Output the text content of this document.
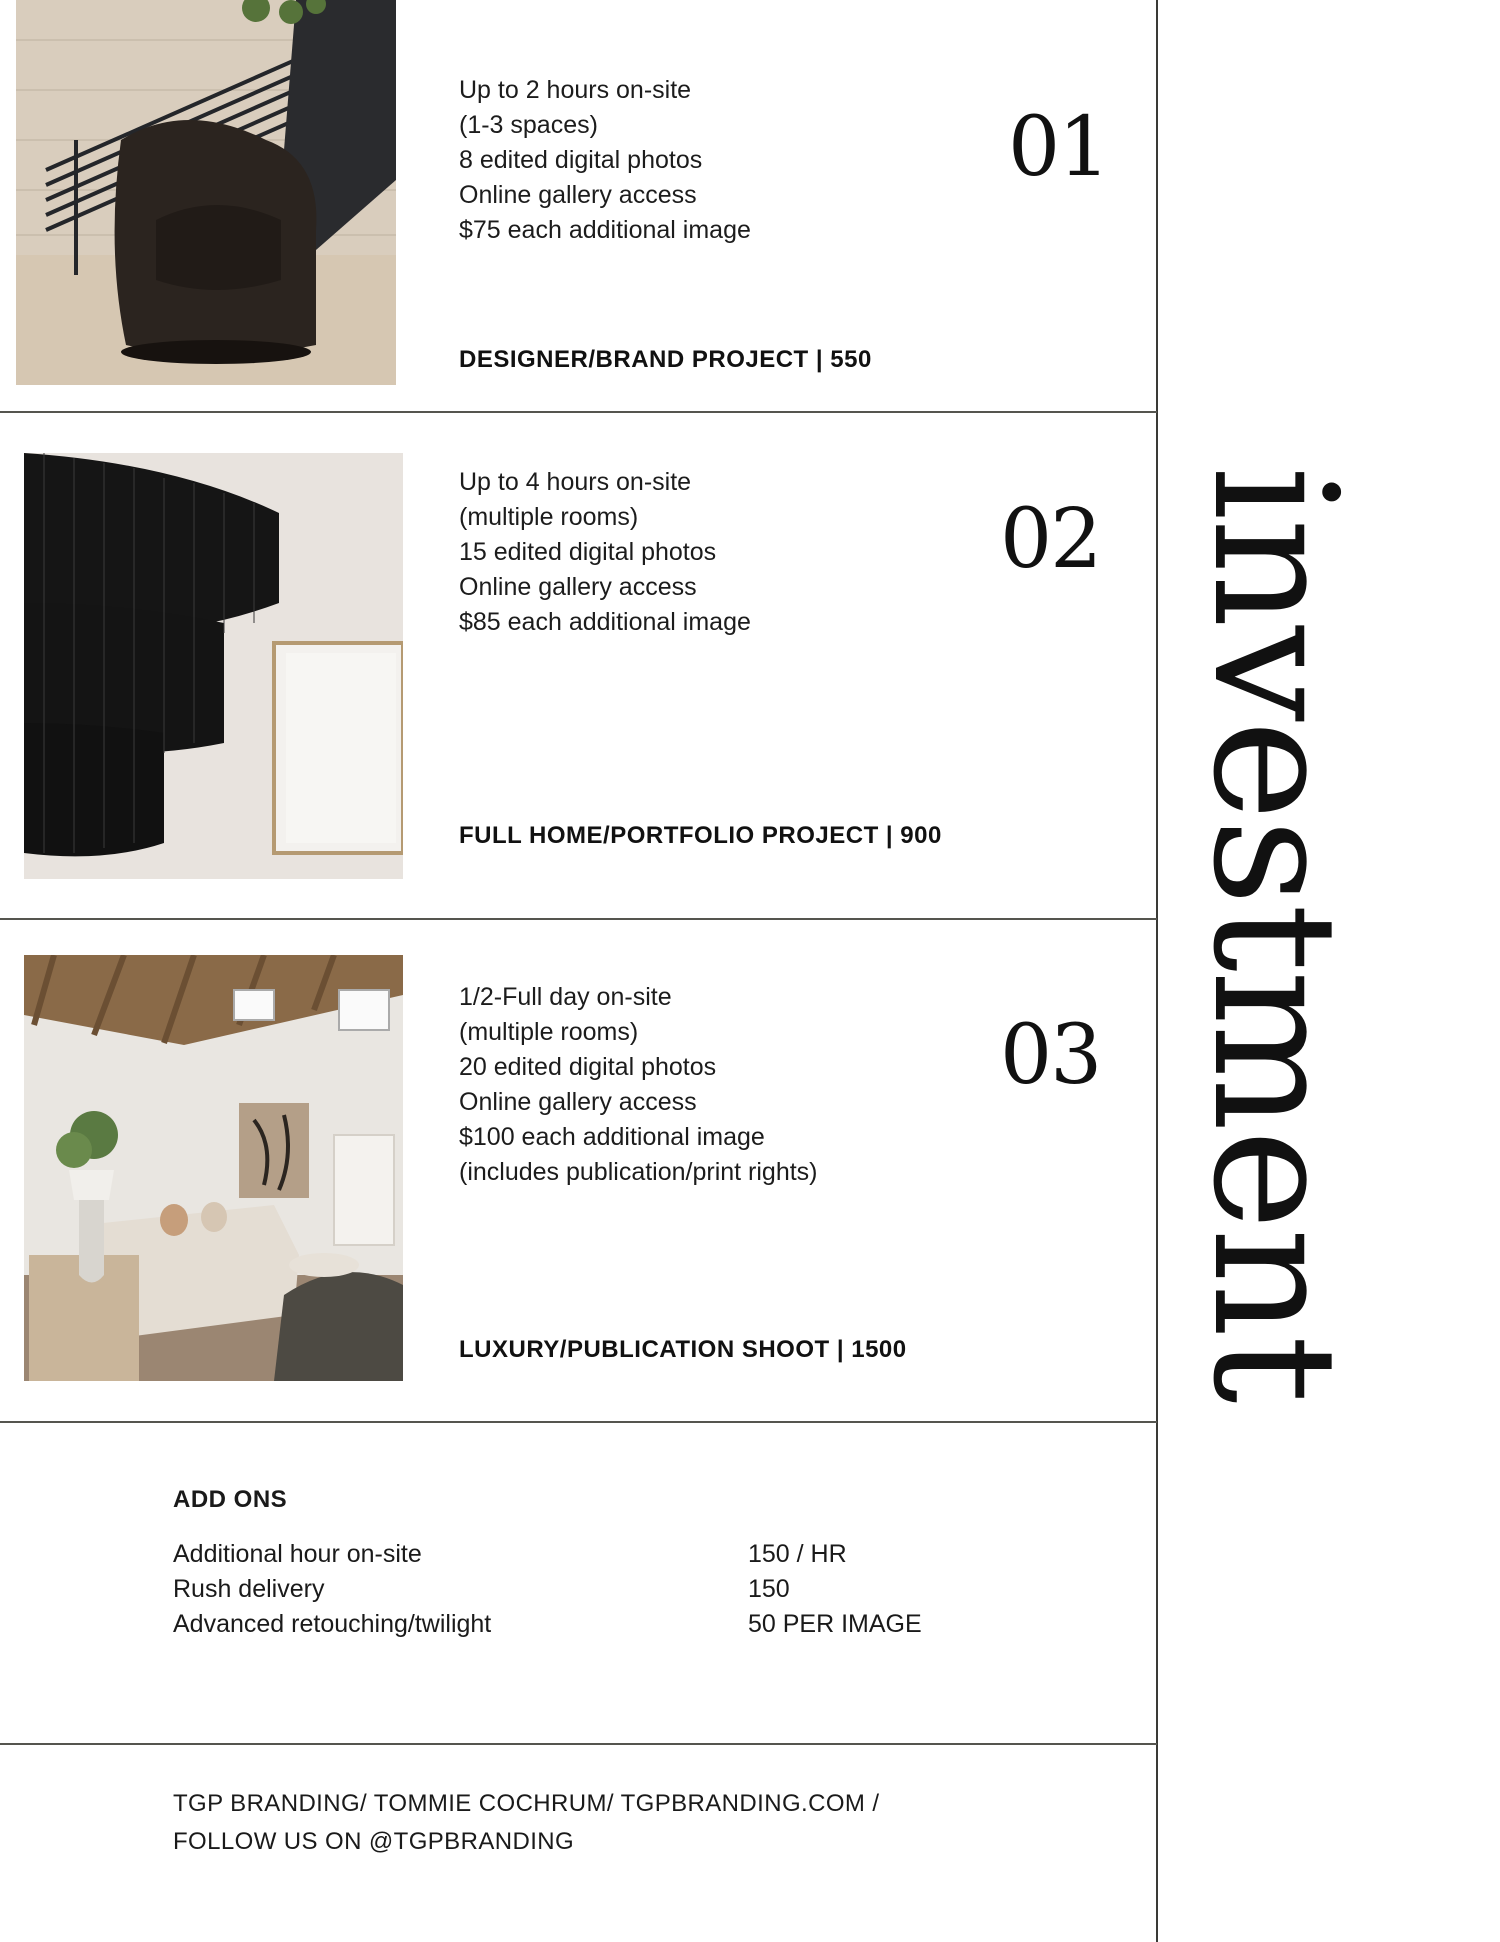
Up to 2 hours on-site
(1-3 spaces)
8 edited digital photos
Online gallery access
$75 each additional image
01
DESIGNER/BRAND PROJECT | 550
Up to 4 hours on-site
(multiple rooms)
15 edited digital photos
Online gallery access
$85 each additional image
02
FULL HOME/PORTFOLIO PROJECT | 900
1/2-Full day on-site
(multiple rooms)
20 edited digital photos
Online gallery access
$100 each additional image
(includes publication/print rights)
03
LUXURY/PUBLICATION SHOOT | 1500 investment
ADD ONS
Additional hour on-site	150 / HR
Rush delivery	150
Advanced retouching/twilight	50 PER IMAGE
TGP BRANDING/ TOMMIE COCHRUM/ TGPBRANDING.COM /
FOLLOW US ON @TGPBRANDING
